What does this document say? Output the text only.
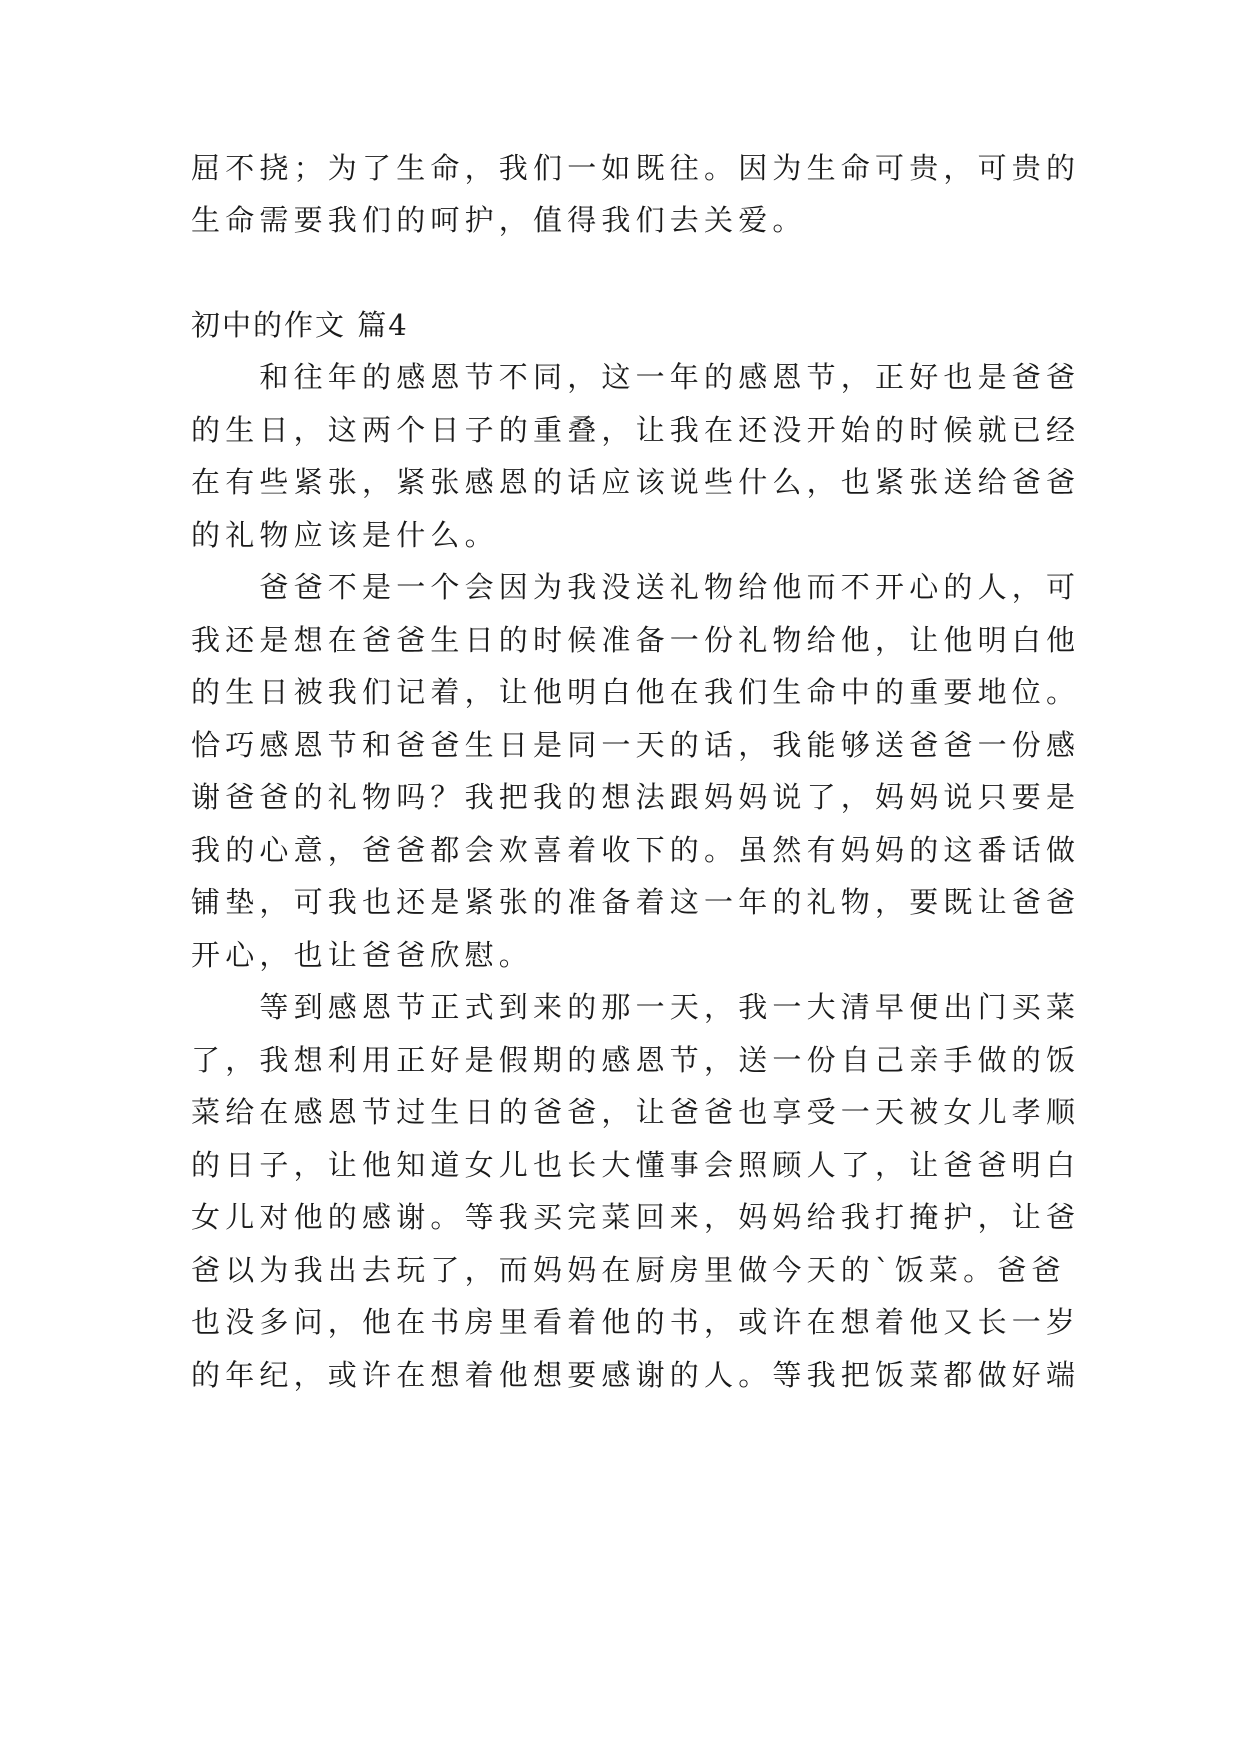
屈不挠；为了生命，我们一如既往。因为生命可贵，可贵的
生命需要我们的呵护，值得我们去关爱。
初中的作文 篇4
　　和往年的感恩节不同，这一年的感恩节，正好也是爸爸
的生日，这两个日子的重叠，让我在还没开始的时候就已经
在有些紧张，紧张感恩的话应该说些什么，也紧张送给爸爸
的礼物应该是什么。
　　爸爸不是一个会因为我没送礼物给他而不开心的人，可
我还是想在爸爸生日的时候准备一份礼物给他，让他明白他
的生日被我们记着，让他明白他在我们生命中的重要地位。
恰巧感恩节和爸爸生日是同一天的话，我能够送爸爸一份感
谢爸爸的礼物吗？我把我的想法跟妈妈说了，妈妈说只要是
我的心意，爸爸都会欢喜着收下的。虽然有妈妈的这番话做
铺垫，可我也还是紧张的准备着这一年的礼物，要既让爸爸
开心，也让爸爸欣慰。
　　等到感恩节正式到来的那一天，我一大清早便出门买菜
了，我想利用正好是假期的感恩节，送一份自己亲手做的饭
菜给在感恩节过生日的爸爸，让爸爸也享受一天被女儿孝顺
的日子，让他知道女儿也长大懂事会照顾人了，让爸爸明白
女儿对他的感谢。等我买完菜回来，妈妈给我打掩护，让爸
爸以为我出去玩了，而妈妈在厨房里做今天的`饭菜。爸爸
也没多问，他在书房里看着他的书，或许在想着他又长一岁
的年纪，或许在想着他想要感谢的人。等我把饭菜都做好端
